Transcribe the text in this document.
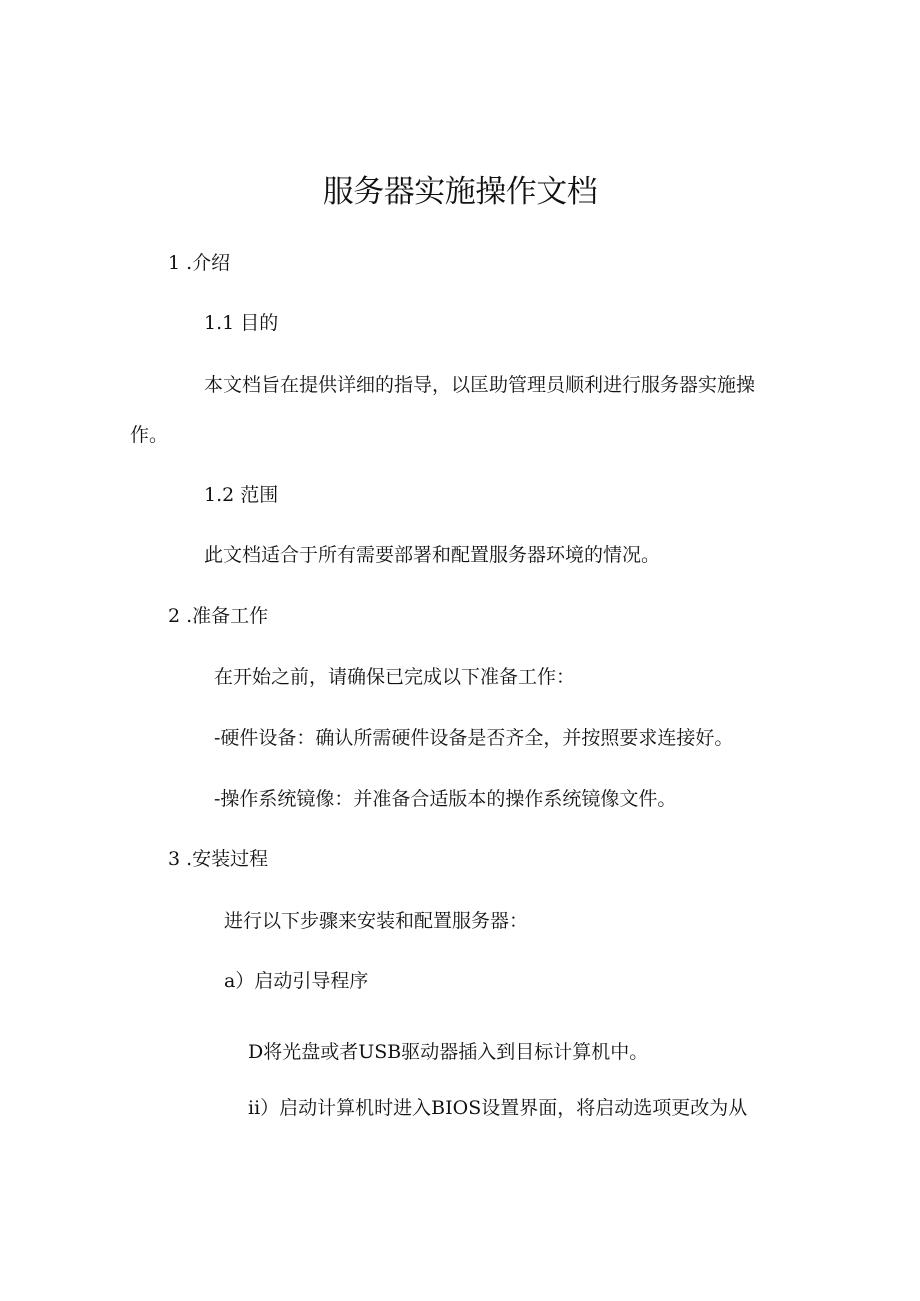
服务器实施操作文档
1 .介绍
1.1 目的
本文档旨在提供详细的指导，以匡助管理员顺利进行服务器实施操
作。
1.2 范围
此文档适合于所有需要部署和配置服务器环境的情况。
2 .准备工作
在开始之前，请确保已完成以下准备工作：
-硬件设备：确认所需硬件设备是否齐全，并按照要求连接好。
-操作系统镜像：并准备合适版本的操作系统镜像文件。
3 .安装过程
进行以下步骤来安装和配置服务器：
a）启动引导程序
D将光盘或者USB驱动器插入到目标计算机中。
ii）启动计算机时进入BIOS设置界面，将启动选项更改为从
